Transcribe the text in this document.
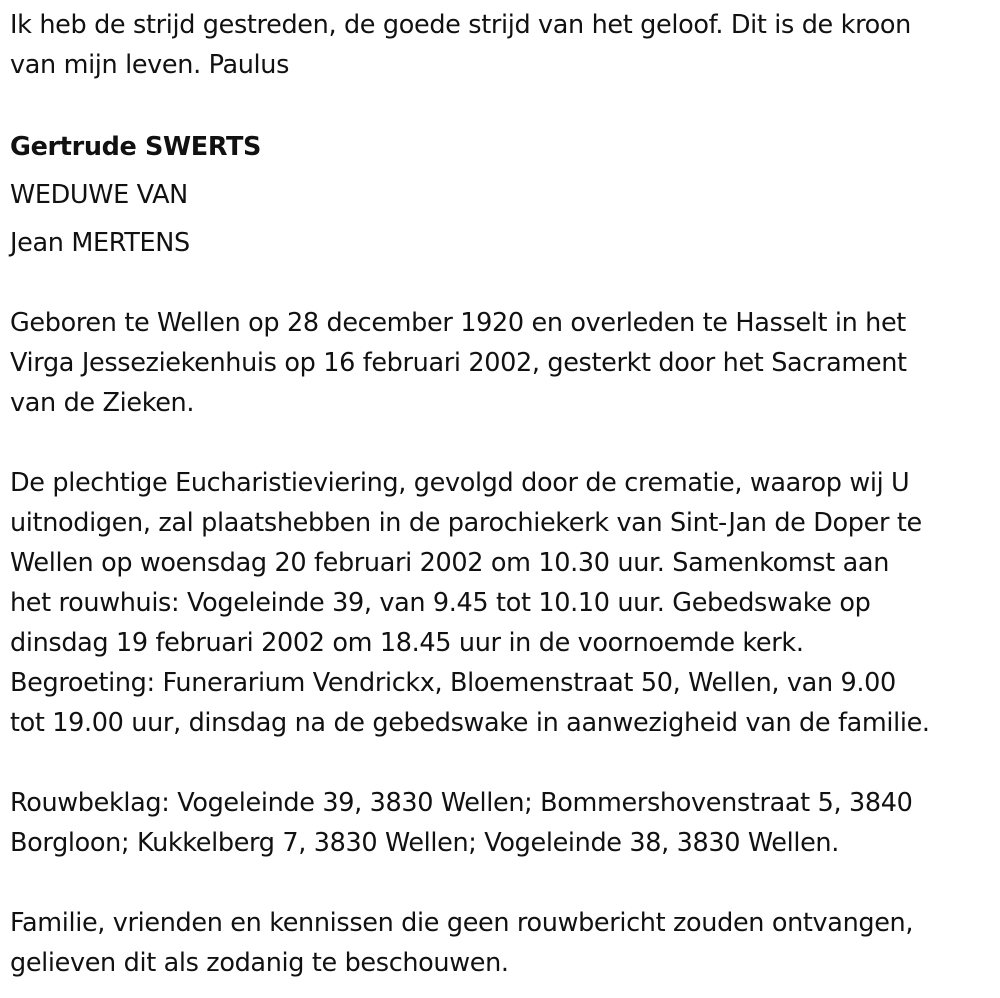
Ik heb de strijd gestreden, de goede strijd van het geloof. Dit is de kroon
van mijn leven. Paulus

Gertrude SWERTS

WEDUWE VAN

Jean MERTENS

Geboren te Wellen op 28 december 1920 en overleden te Hasselt in het
Virga Jesseziekenhuis op 16 februari 2002, gesterkt door het Sacrament
van de Zieken.

De plechtige Eucharistieviering, gevolgd door de crematie, waarop wij U
uitnodigen, zal plaatshebben in de parochiekerk van Sint-Jan de Doper te
Wellen op woensdag 20 februari 2002 om 10.30 uur. Samenkomst aan
het rouwhuis: Vogeleinde 39, van 9.45 tot 10.10 uur. Gebedswake op
dinsdag 19 februari 2002 om 18.45 uur in de voornoemde kerk.
Begroeting: Funerarium Vendrickx, Bloemenstraat 50, Wellen, van 9.00
tot 19.00 uur, dinsdag na de gebedswake in aanwezigheid van de familie.

Rouwbeklag: Vogeleinde 39, 3830 Wellen; Bommershovenstraat 5, 3840
Borgloon; Kukkelberg 7, 3830 Wellen; Vogeleinde 38, 3830 Wellen.

Familie, vrienden en kennissen die geen rouwbericht zouden ontvangen,
gelieven dit als zodanig te beschouwen.
